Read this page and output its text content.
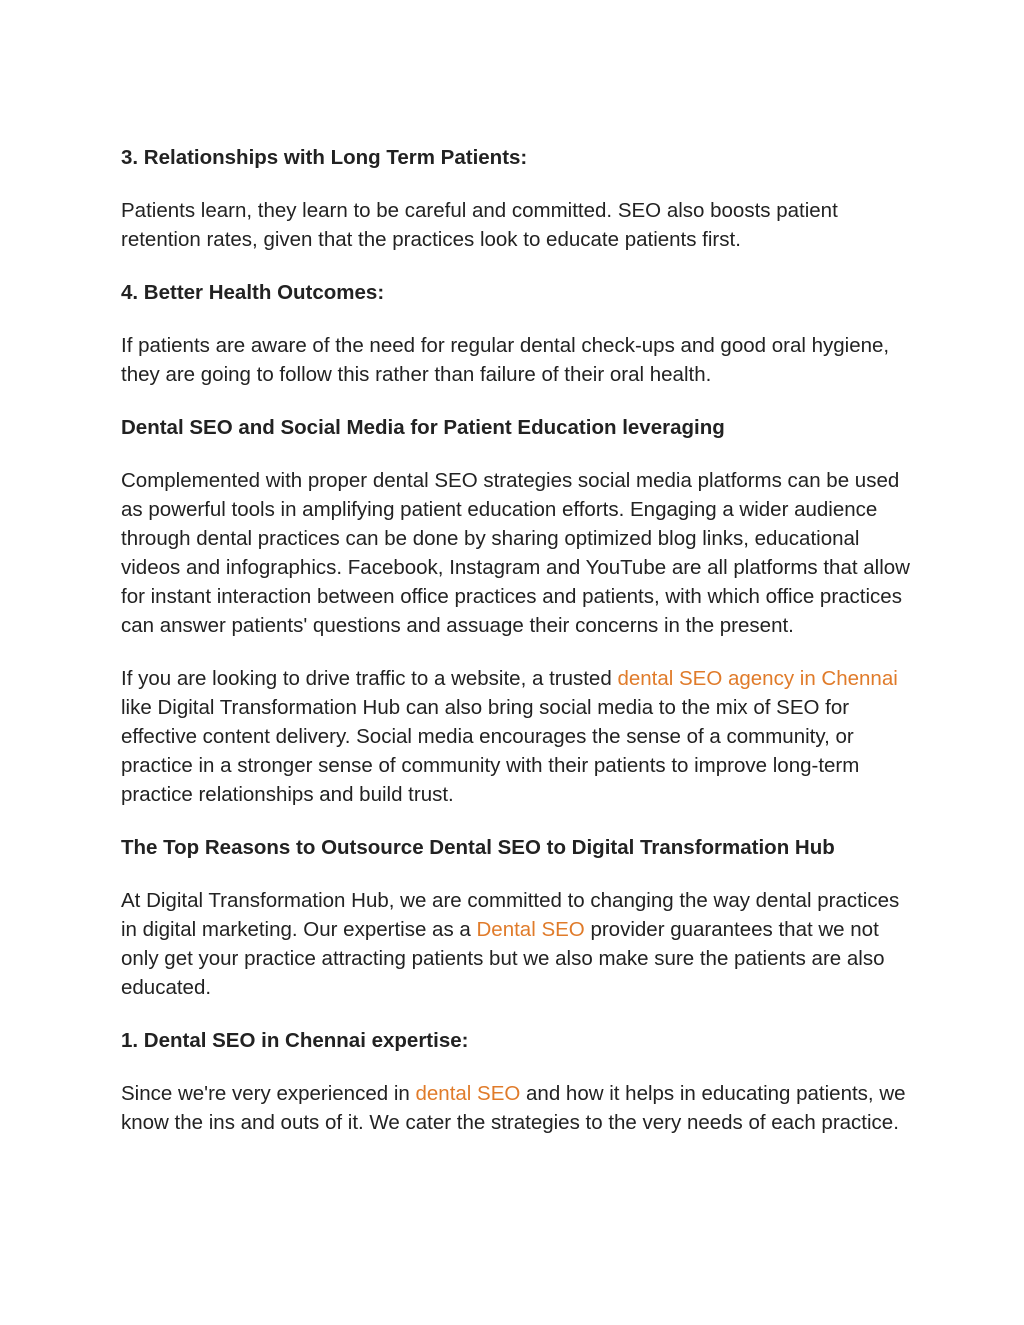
3. Relationships with Long Term Patients:
Patients learn, they learn to be careful and committed. SEO also boosts patient retention rates, given that the practices look to educate patients first.
4. Better Health Outcomes:
If patients are aware of the need for regular dental check-ups and good oral hygiene, they are going to follow this rather than failure of their oral health.
Dental SEO and Social Media for Patient Education leveraging
Complemented with proper dental SEO strategies social media platforms can be used as powerful tools in amplifying patient education efforts. Engaging a wider audience through dental practices can be done by sharing optimized blog links, educational videos and infographics. Facebook, Instagram and YouTube are all platforms that allow for instant interaction between office practices and patients, with which office practices can answer patients' questions and assuage their concerns in the present.
If you are looking to drive traffic to a website, a trusted dental SEO agency in Chennai like Digital Transformation Hub can also bring social media to the mix of SEO for effective content delivery. Social media encourages the sense of a community, or practice in a stronger sense of community with their patients to improve long-term practice relationships and build trust.
The Top Reasons to Outsource Dental SEO to Digital Transformation Hub
At Digital Transformation Hub, we are committed to changing the way dental practices in digital marketing. Our expertise as a Dental SEO provider guarantees that we not only get your practice attracting patients but we also make sure the patients are also educated.
1. Dental SEO in Chennai expertise:
Since we're very experienced in dental SEO and how it helps in educating patients, we know the ins and outs of it. We cater the strategies to the very needs of each practice.
